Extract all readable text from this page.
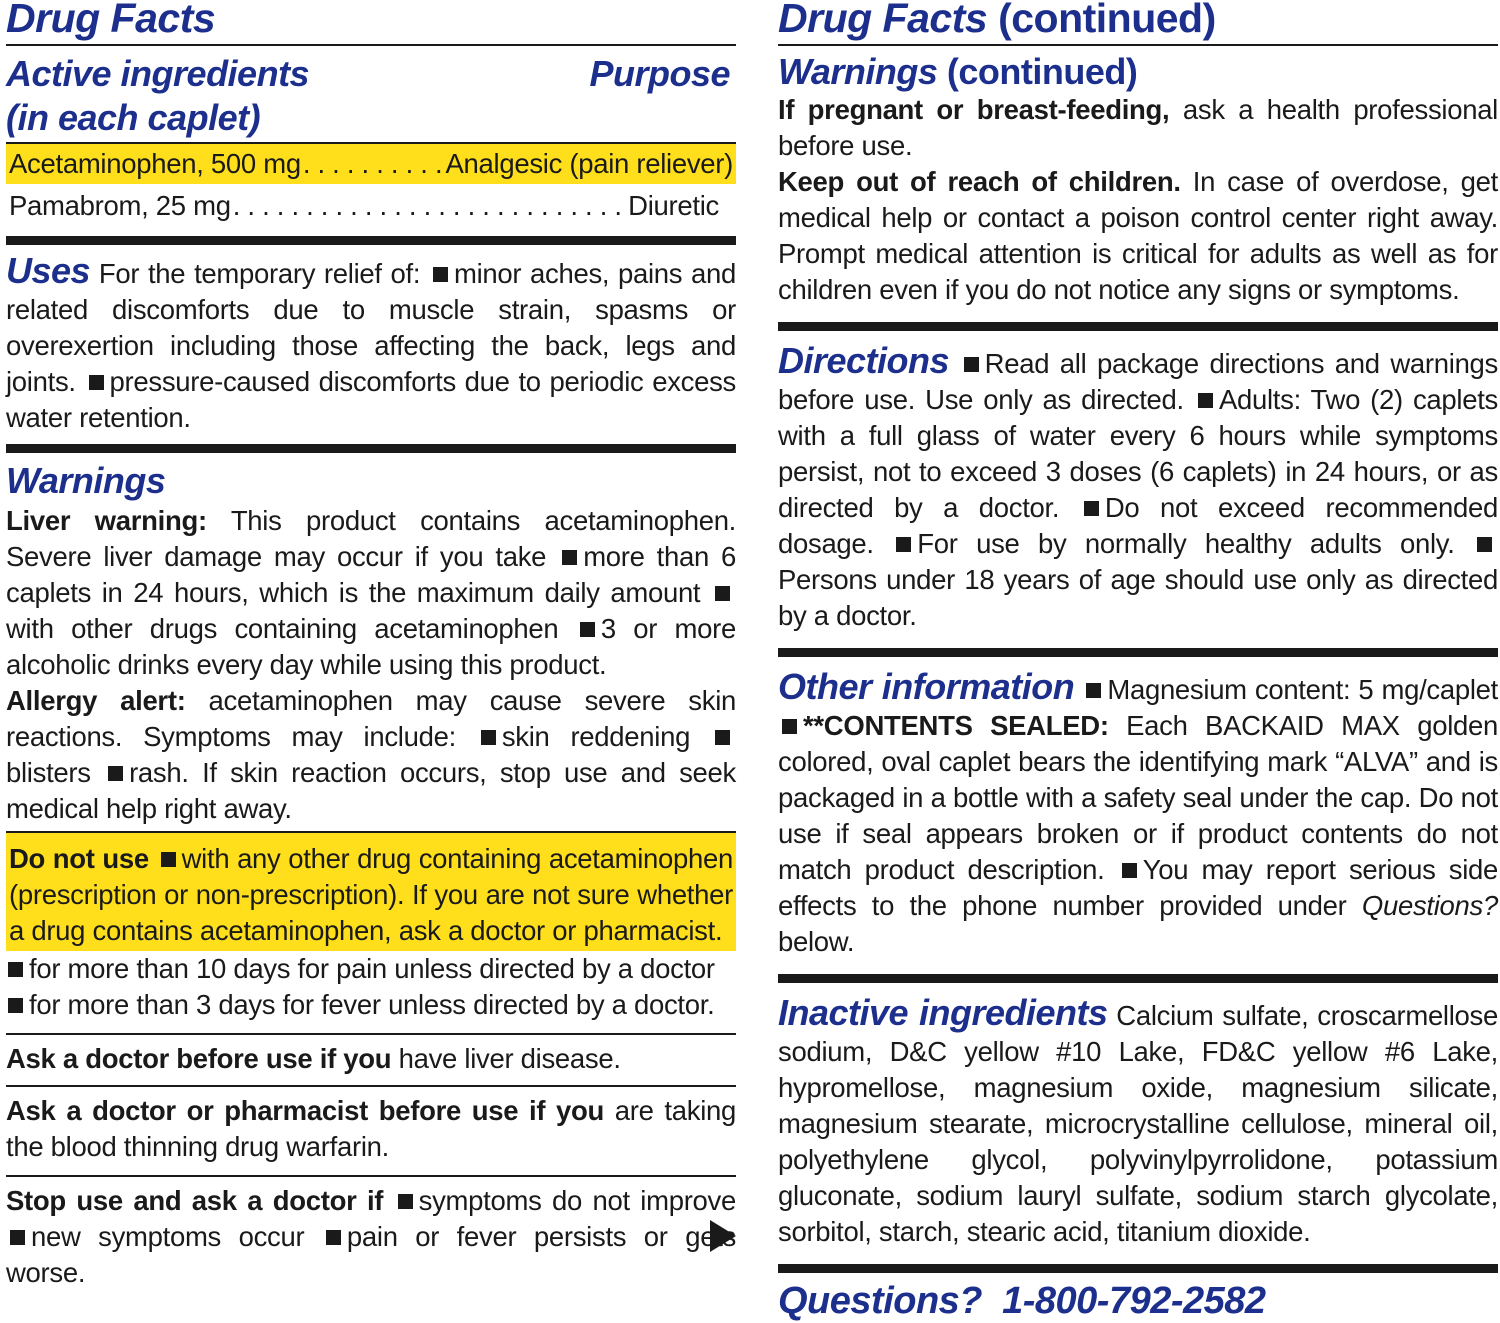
Drug Facts
Active ingredients
(in each caplet)
Purpose
Acetaminophen, 500 mg . . .	Analgesic (pain reliever)
Pamabrom, 25 mg . . .	Diuretic

Uses For the temporary relief of: minor aches, pains and related discomforts due to muscle strain, spasms or overexertion including those affecting the back, legs and joints. pressure-caused discomforts due to periodic excess water retention.

Warnings

Liver warning: This product contains acetaminophen. Severe liver damage may occur if you take more than 6 caplets in 24 hours, which is the maximum daily amount with other drugs containing acetaminophen 3 or more alcoholic drinks every day while using this product.

Allergy alert: acetaminophen may cause severe skin reactions. Symptoms may include: skin reddening blisters rash. If skin reaction occurs, stop use and seek medical help right away.

Do not use with any other drug containing acetaminophen (prescription or non-prescription). If you are not sure whether a drug contains acetaminophen, ask a doctor or pharmacist.

for more than 10 days for pain unless directed by a doctor
for more than 3 days for fever unless directed by a doctor.

Ask a doctor before use if you have liver disease.

Ask a doctor or pharmacist before use if you are taking the blood thinning drug warfarin.

Stop use and ask a doctor if symptoms do not improve new symptoms occur pain or fever persists or gets worse.

Drug Facts (continued)
Warnings (continued)

If pregnant or breast-feeding, ask a health professional before use.

Keep out of reach of children. In case of overdose, get medical help or contact a poison control center right away. Prompt medical attention is critical for adults as well as for children even if you do not notice any signs or symptoms.

Directions Read all package directions and warnings before use. Use only as directed. Adults: Two (2) caplets with a full glass of water every 6 hours while symptoms persist, not to exceed 3 doses (6 caplets) in 24 hours, or as directed by a doctor. Do not exceed recommended dosage. For use by normally healthy adults only. Persons under 18 years of age should use only as directed by a doctor.

Other information Magnesium content: 5 mg/caplet **CONTENTS SEALED: Each BACKAID MAX golden colored, oval caplet bears the identifying mark “ALVA” and is packaged in a bottle with a safety seal under the cap. Do not use if seal appears broken or if product contents do not match product description. You may report serious side effects to the phone number provided under Questions? below.

Inactive ingredients Calcium sulfate, croscarmellose sodium, D&C yellow #10 Lake, FD&C yellow #6 Lake, hypromellose, magnesium oxide, magnesium silicate, magnesium stearate, microcrystalline cellulose, mineral oil, polyethylene glycol, polyvinylpyrrolidone, potassium gluconate, sodium lauryl sulfate, sodium starch glycolate, sorbitol, starch, stearic acid, titanium dioxide.

Questions? 1-800-792-2582
